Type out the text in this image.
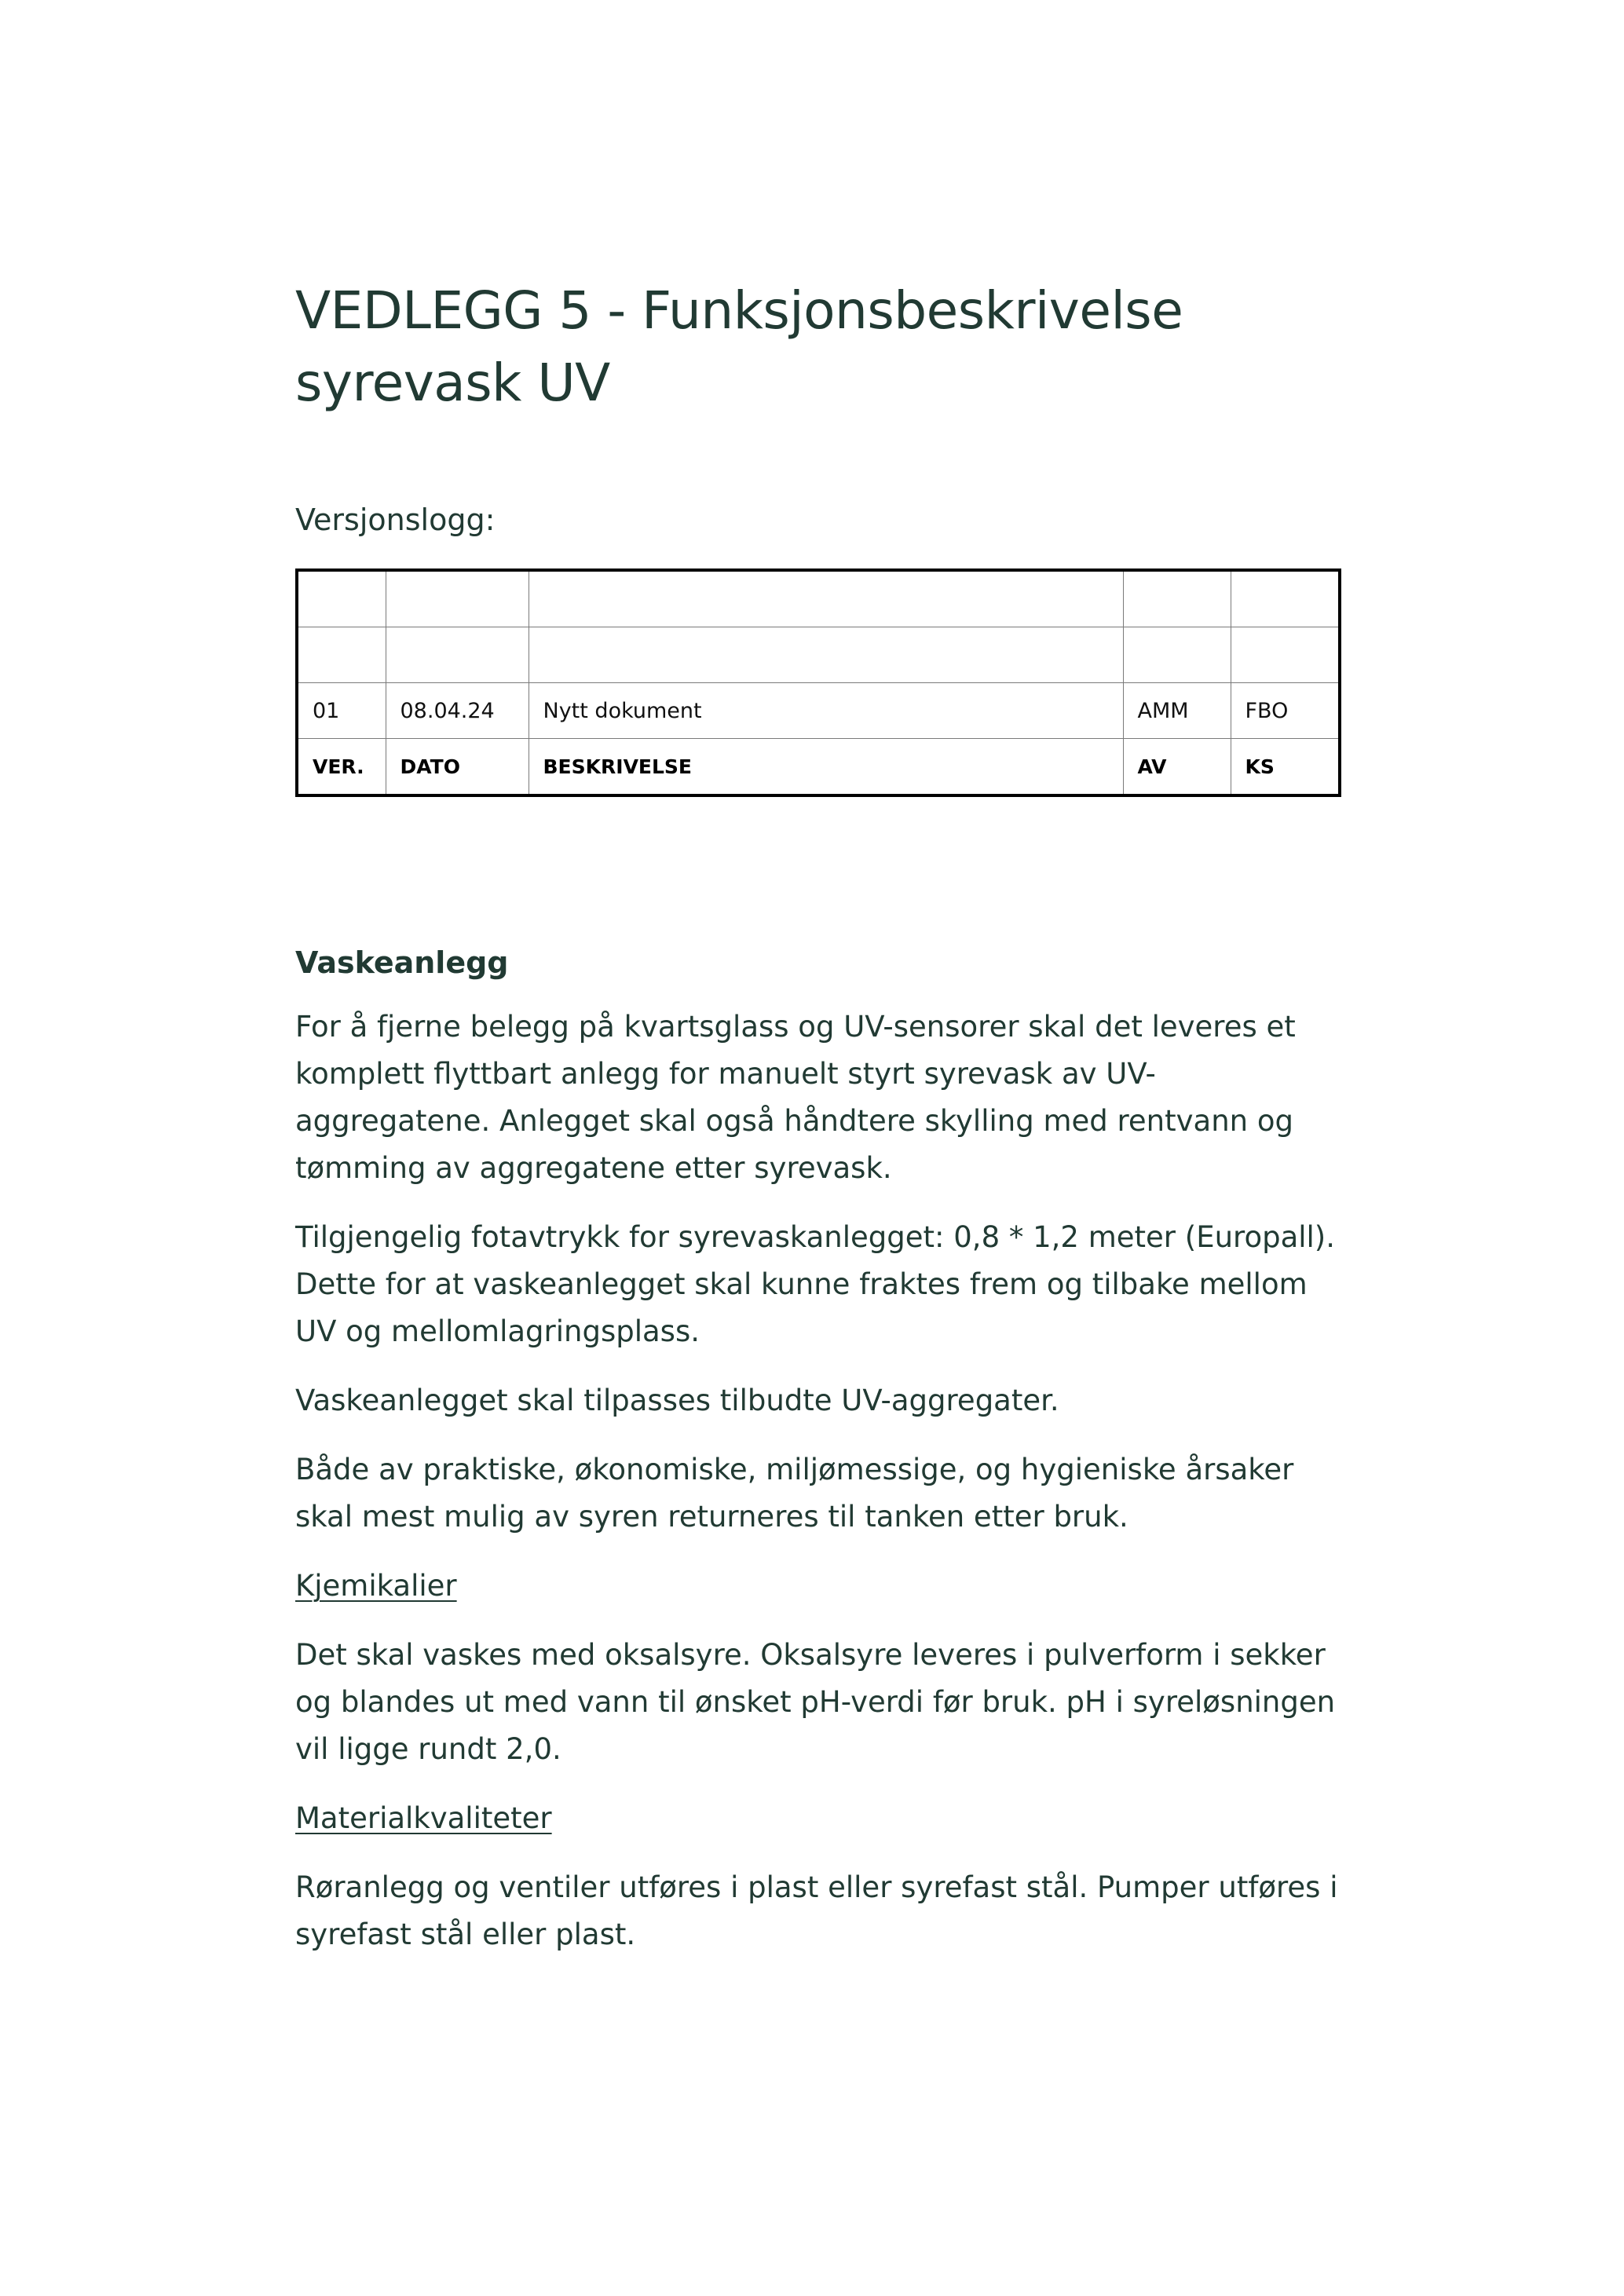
VEDLEGG 5 - Funksjonsbeskrivelse syrevask UV

Versjonslogg:

01	08.04.24	Nytt dokument	AMM	FBO
VER.	DATO	BESKRIVELSE	AV	KS
Vaskeanlegg

For å fjerne belegg på kvartsglass og UV-sensorer skal det leveres et komplett flyttbart anlegg for manuelt styrt syrevask av UV-aggregatene. Anlegget skal også håndtere skylling med rentvann og tømming av aggregatene etter syrevask.

Tilgjengelig fotavtrykk for syrevaskanlegget: 0,8 * 1,2 meter (Europall). Dette for at vaskeanlegget skal kunne fraktes frem og tilbake mellom UV og mellomlagringsplass.

Vaskeanlegget skal tilpasses tilbudte UV-aggregater.

Både av praktiske, økonomiske, miljømessige, og hygieniske årsaker skal mest mulig av syren returneres til tanken etter bruk.

Kjemikalier

Det skal vaskes med oksalsyre. Oksalsyre leveres i pulverform i sekker og blandes ut med vann til ønsket pH-verdi før bruk. pH i syreløsningen vil ligge rundt 2,0.

Materialkvaliteter

Røranlegg og ventiler utføres i plast eller syrefast stål. Pumper utføres i syrefast stål eller plast.
